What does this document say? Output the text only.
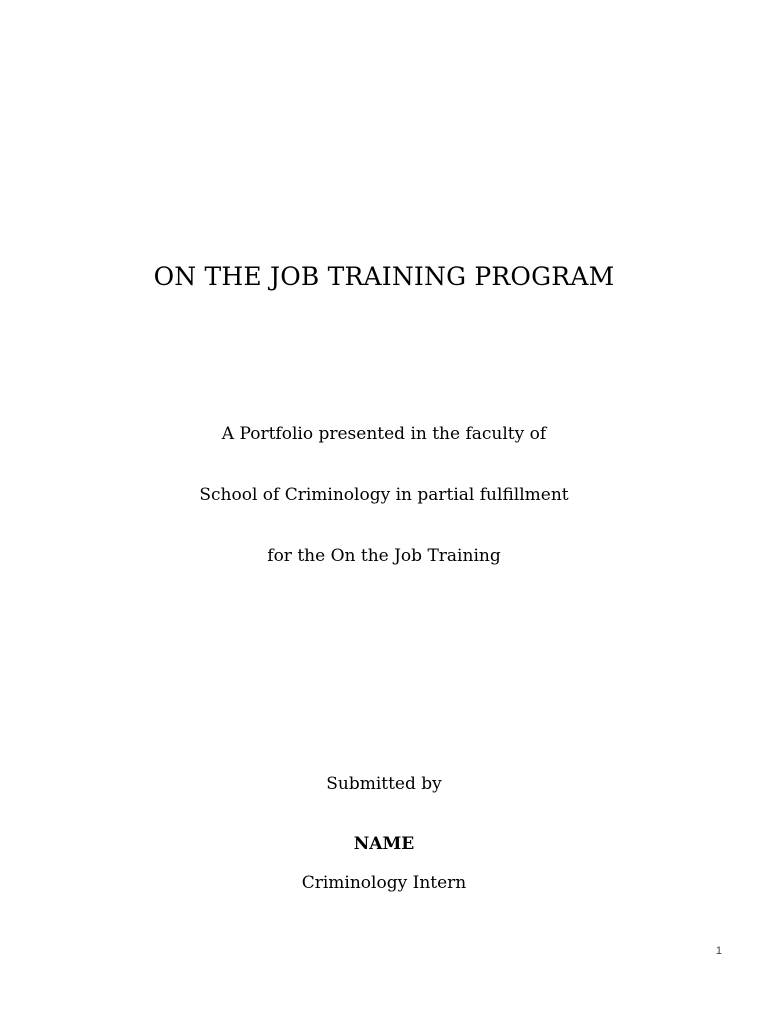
ON THE JOB TRAINING PROGRAM
A Portfolio presented in the faculty of
School of Criminology in partial fulfillment
for the On the Job Training
Submitted by
NAME
Criminology Intern
1
